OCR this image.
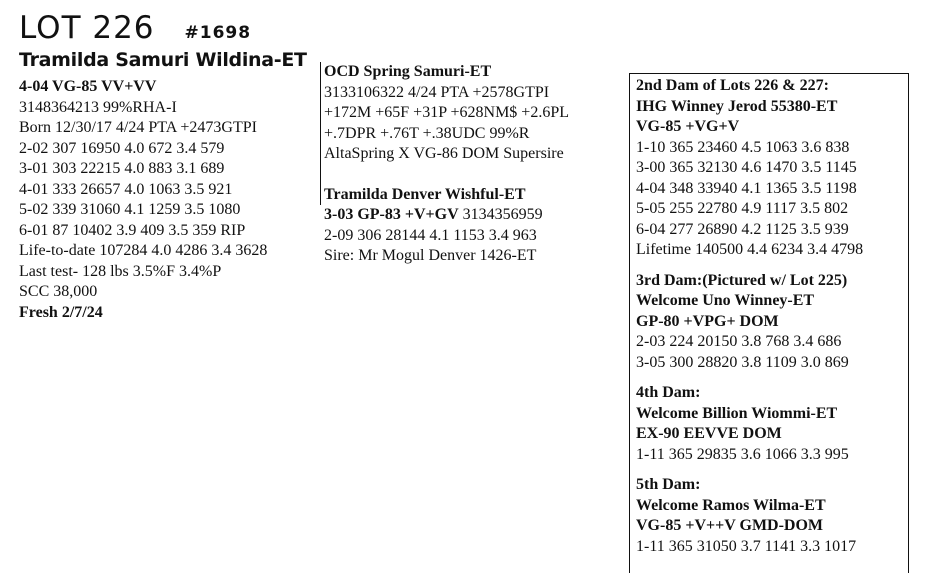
LOT 226 #1698
Tramilda Samuri Wildina-ET
4-04 VG-85 VV+VV
3148364213 99%RHA-I
Born 12/30/17 4/24 PTA +2473GTPI
2-02 307 16950 4.0 672 3.4 579
3-01 303 22215 4.0 883 3.1 689
4-01 333 26657 4.0 1063 3.5 921
5-02 339 31060 4.1 1259 3.5 1080
6-01 87 10402 3.9 409 3.5 359 RIP
Life-to-date 107284 4.0 4286 3.4 3628
Last test- 128 lbs 3.5%F 3.4%P
SCC 38,000
Fresh 2/7/24
OCD Spring Samuri-ET
3133106322 4/24 PTA +2578GTPI
+172M +65F +31P +628NM$ +2.6PL
+.7DPR +.76T +.38UDC 99%R
AltaSpring X VG-86 DOM Supersire
Tramilda Denver Wishful-ET
3-03 GP-83 +V+GV 3134356959
2-09 306 28144 4.1 1153 3.4 963
Sire: Mr Mogul Denver 1426-ET
2nd Dam of Lots 226 & 227:
IHG Winney Jerod 55380-ET
VG-85 +VG+V
1-10 365 23460 4.5 1063 3.6 838
3-00 365 32130 4.6 1470 3.5 1145
4-04 348 33940 4.1 1365 3.5 1198
5-05 255 22780 4.9 1117 3.5 802
6-04 277 26890 4.2 1125 3.5 939
Lifetime 140500 4.4 6234 3.4 4798
3rd Dam:(Pictured w/ Lot 225)
Welcome Uno Winney-ET
GP-80 +VPG+ DOM
2-03 224 20150 3.8 768 3.4 686
3-05 300 28820 3.8 1109 3.0 869
4th Dam:
Welcome Billion Wiommi-ET
EX-90 EEVVE DOM
1-11 365 29835 3.6 1066 3.3 995
5th Dam:
Welcome Ramos Wilma-ET
VG-85 +V++V GMD-DOM
1-11 365 31050 3.7 1141 3.3 1017
